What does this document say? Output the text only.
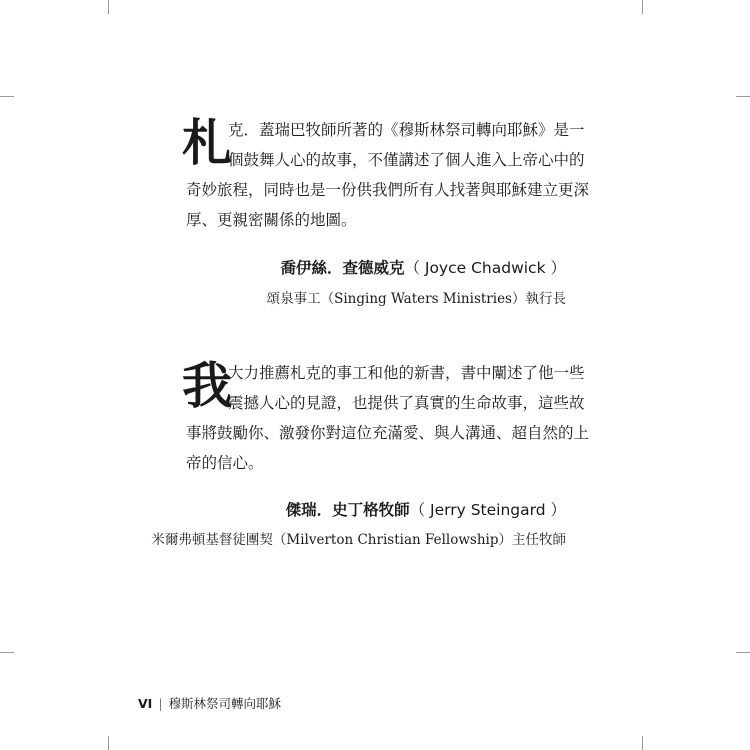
札
克．蓋瑞巴牧師所著的《穆斯林祭司轉向耶穌》是一
個鼓舞人心的故事，不僅講述了個人進入上帝心中的
奇妙旅程，同時也是一份供我們所有人找著與耶穌建立更深
厚、更親密關係的地圖。
喬伊絲．查德威克（ Joyce Chadwick ）
頌泉事工（Singing Waters Ministries）執行長
我
大力推薦札克的事工和他的新書，書中闡述了他一些
震撼人心的見證，也提供了真實的生命故事，這些故
事將鼓勵你、激發你對這位充滿愛、與人溝通、超自然的上
帝的信心。
傑瑞．史丁格牧師（ Jerry Steingard ）
米爾弗頓基督徒團契（Milverton Christian Fellowship）主任牧師
VI | 穆斯林祭司轉向耶穌
